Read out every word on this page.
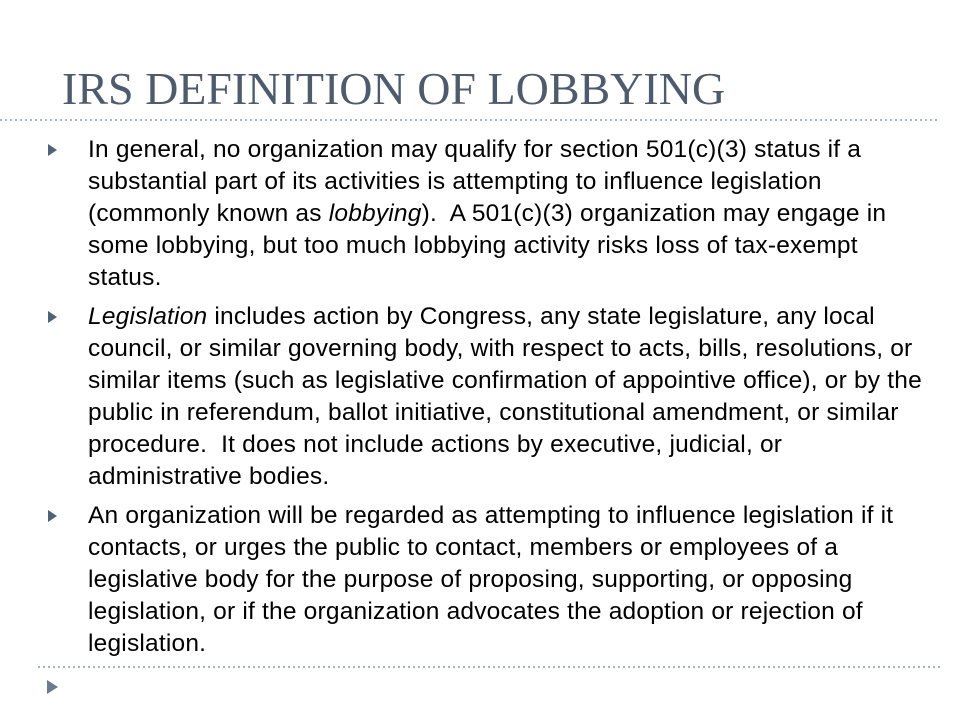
IRS DEFINITION OF LOBBYING
In general, no organization may qualify for section 501(c)(3) status if a
substantial part of its activities is attempting to influence legislation
(commonly known as lobbying).  A 501(c)(3) organization may engage in
some lobbying, but too much lobbying activity risks loss of tax-exempt
status.
Legislation includes action by Congress, any state legislature, any local
council, or similar governing body, with respect to acts, bills, resolutions, or
similar items (such as legislative confirmation of appointive office), or by the
public in referendum, ballot initiative, constitutional amendment, or similar
procedure.  It does not include actions by executive, judicial, or
administrative bodies.
An organization will be regarded as attempting to influence legislation if it
contacts, or urges the public to contact, members or employees of a
legislative body for the purpose of proposing, supporting, or opposing
legislation, or if the organization advocates the adoption or rejection of
legislation.
